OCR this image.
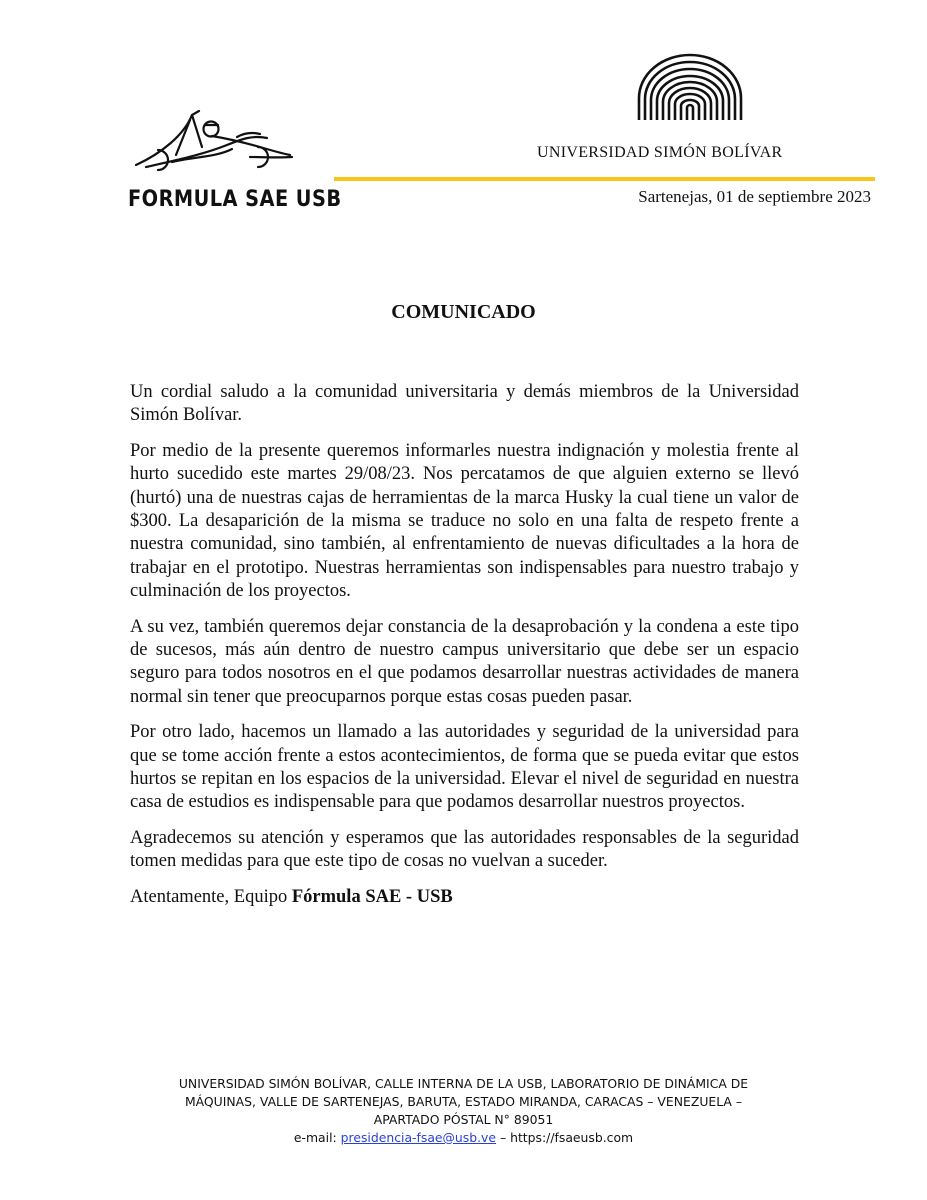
FORMULA SAE USB
UNIVERSIDAD SIMÓN BOLÍVAR
Sartenejas, 01 de septiembre 2023
COMUNICADO

Un cordial saludo a la comunidad universitaria y demás miembros de la Universidad Simón Bolívar.

Por medio de la presente queremos informarles nuestra indignación y molestia frente al hurto sucedido este martes 29/08/23. Nos percatamos de que alguien externo se llevó (hurtó) una de nuestras cajas de herramientas de la marca Husky la cual tiene un valor de $300. La desaparición de la misma se traduce no solo en una falta de respeto frente a nuestra comunidad, sino también, al enfrentamiento de nuevas dificultades a la hora de trabajar en el prototipo. Nuestras herramientas son indispensables para nuestro trabajo y culminación de los proyectos.

A su vez, también queremos dejar constancia de la desaprobación y la condena a este tipo de sucesos, más aún dentro de nuestro campus universitario que debe ser un espacio seguro para todos nosotros en el que podamos desarrollar nuestras actividades de manera normal sin tener que preocuparnos porque estas cosas pueden pasar.

Por otro lado, hacemos un llamado a las autoridades y seguridad de la universidad para que se tome acción frente a estos acontecimientos, de forma que se pueda evitar que estos hurtos se repitan en los espacios de la universidad. Elevar el nivel de seguridad en nuestra casa de estudios es indispensable para que podamos desarrollar nuestros proyectos.

Agradecemos su atención y esperamos que las autoridades responsables de la seguridad tomen medidas para que este tipo de cosas no vuelvan a suceder.

Atentamente, Equipo Fórmula SAE - USB

UNIVERSIDAD SIMÓN BOLÍVAR, CALLE INTERNA DE LA USB, LABORATORIO DE DINÁMICA DE
MÁQUINAS, VALLE DE SARTENEJAS, BARUTA, ESTADO MIRANDA, CARACAS – VENEZUELA –
APARTADO PÓSTAL N° 89051
e-mail: presidencia-fsae@usb.ve – https://fsaeusb.com
